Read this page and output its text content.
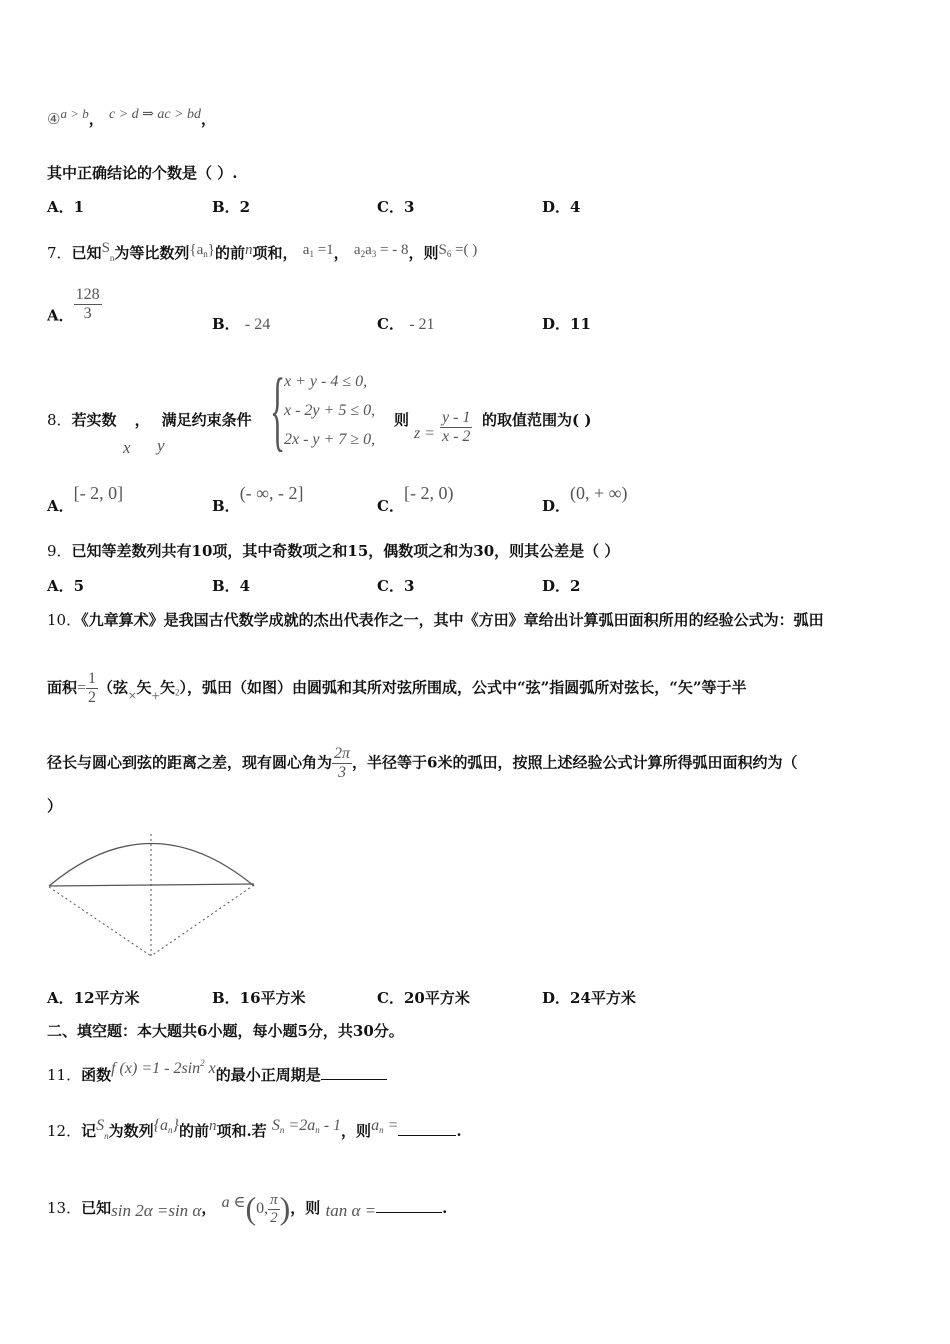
④a > b， c > d ⇒ ac > bd，
其中正确结论的个数是（ ）.
A．1	B．2	C．3	D．4
7．已知$S_n$为等比数列$\{a_n\}$的前n项和， $a_1 =1$， $a_2a_3$ = - 8，则$S_6$ =( )
A． $\frac{128}{3}$
B． - 24	C． - 21	D．11
8．若实数 ， 满足约束条件
x y {
x + y - 4 ≤ 0,
x - 2y + 5 ≤ 0,
2x - y + 7 ≥ 0,
则
$z = \frac{y - 1}{x - 2}$ 的取值范围为( )
A．[- 2, 0]
B．(- ∞, - 2]
C．[- 2, 0)
D．(0, + ∞)
9．已知等差数列共有10项，其中奇数项之和15，偶数项之和为30，则其公差是（ ）
A．5	B．4	C．3	D．2
10．《九章算术》是我国古代数学成就的杰出代表作之一，其中《方田》章给出计算弧田面积所用的经验公式为：弧田
面积= $\frac{1}{2}$ （弦×矢+矢$_2$），弧田（如图）由圆弧和其所对弦所围成，公式中“弦”指圆弧所对弦长，“矢”等于半
径长与圆心到弦的距离之差，现有圆心角为 $\frac{2\pi}{3}$ ，半径等于6米的弧田，按照上述经验公式计算所得弧田面积约为（
）
A．12平方米	B．16平方米	C．20平方米	D．24平方米
二、填空题：本大题共6小题，每小题5分，共30分。
11．函数f $(x) =1 - 2\sin^2$ x的最小正周期是
12．记$S_n$为数列$\{a_n\}$的前n项和.若 $S_n =2a_n - 1$，则$a_n$ =	.
13．已知sin 2α =sin α， a ∈(0, $\frac{\pi}{2}$ )，则 tan α =	.
